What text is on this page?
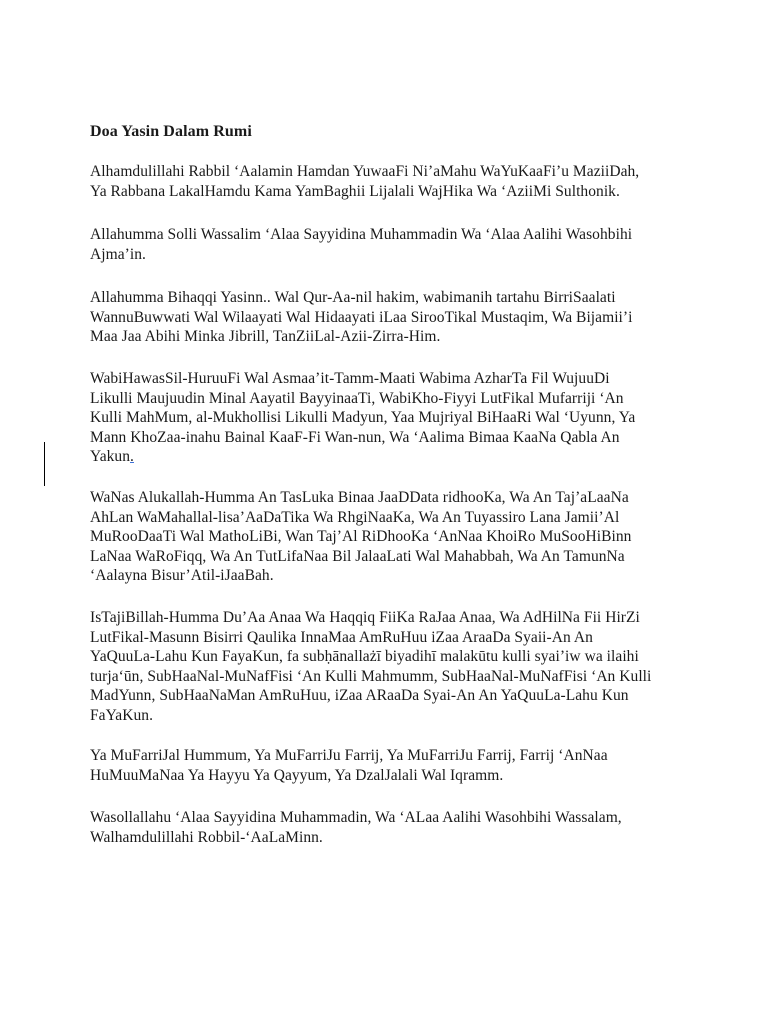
Doa Yasin Dalam Rumi

Alhamdulillahi Rabbil ‘Aalamin Hamdan YuwaaFi Ni’aMahu WaYuKaaFi’u MaziiDah,
Ya Rabbana LakalHamdu Kama YamBaghii Lijalali WajHika Wa ‘AziiMi Sulthonik.

Allahumma Solli Wassalim ‘Alaa Sayyidina Muhammadin Wa ‘Alaa Aalihi Wasohbihi
Ajma’in.

Allahumma Bihaqqi Yasinn.. Wal Qur-Aa-nil hakim, wabimanih tartahu BirriSaalati
WannuBuwwati Wal Wilaayati Wal Hidaayati iLaa SirooTikal Mustaqim, Wa Bijamii’i
Maa Jaa Abihi Minka Jibrill, TanZiiLal-Azii-Zirra-Him.

WabiHawasSil-HuruuFi Wal Asmaa’it-Tamm-Maati Wabima AzharTa Fil WujuuDi
Likulli Maujuudin Minal Aayatil BayyinaaTi, WabiKho-Fiyyi LutFikal Mufarriji ‘An
Kulli MahMum, al-Mukhollisi Likulli Madyun, Yaa Mujriyal BiHaaRi Wal ‘Uyunn, Ya
Mann KhoZaa-inahu Bainal KaaF-Fi Wan-nun, Wa ‘Aalima Bimaa KaaNa Qabla An
Yakun.

WaNas Alukallah-Humma An TasLuka Binaa JaaDData ridhooKa, Wa An Taj’aLaaNa
AhLan WaMahallal-lisa’AaDaTika Wa RhgiNaaKa, Wa An Tuyassiro Lana Jamii’Al
MuRooDaaTi Wal MathoLiBi, Wan Taj’Al RiDhooKa ‘AnNaa KhoiRo MuSooHiBinn
LaNaa WaRoFiqq, Wa An TutLifaNaa Bil JalaaLati Wal Mahabbah, Wa An TamunNa
‘Aalayna Bisur’Atil-iJaaBah.

IsTajiBillah-Humma Du’Aa Anaa Wa Haqqiq FiiKa RaJaa Anaa, Wa AdHilNa Fii HirZi
LutFikal-Masunn Bisirri Qaulika InnaMaa AmRuHuu iZaa AraaDa Syaii-An An
YaQuuLa-Lahu Kun FayaKun, fa subḥānallażī biyadihī malakūtu kulli syai’iw wa ilaihi
turja‘ūn, SubHaaNal-MuNafFisi ‘An Kulli Mahmumm, SubHaaNal-MuNafFisi ‘An Kulli
MadYunn, SubHaaNaMan AmRuHuu, iZaa ARaaDa Syai-An An YaQuuLa-Lahu Kun
FaYaKun.

Ya MuFarriJal Hummum, Ya MuFarriJu Farrij, Ya MuFarriJu Farrij, Farrij ‘AnNaa
HuMuuMaNaa Ya Hayyu Ya Qayyum, Ya DzalJalali Wal Iqramm.

Wasollallahu ‘Alaa Sayyidina Muhammadin, Wa ‘ALaa Aalihi Wasohbihi Wassalam,
Walhamdulillahi Robbil-‘AaLaMinn.
